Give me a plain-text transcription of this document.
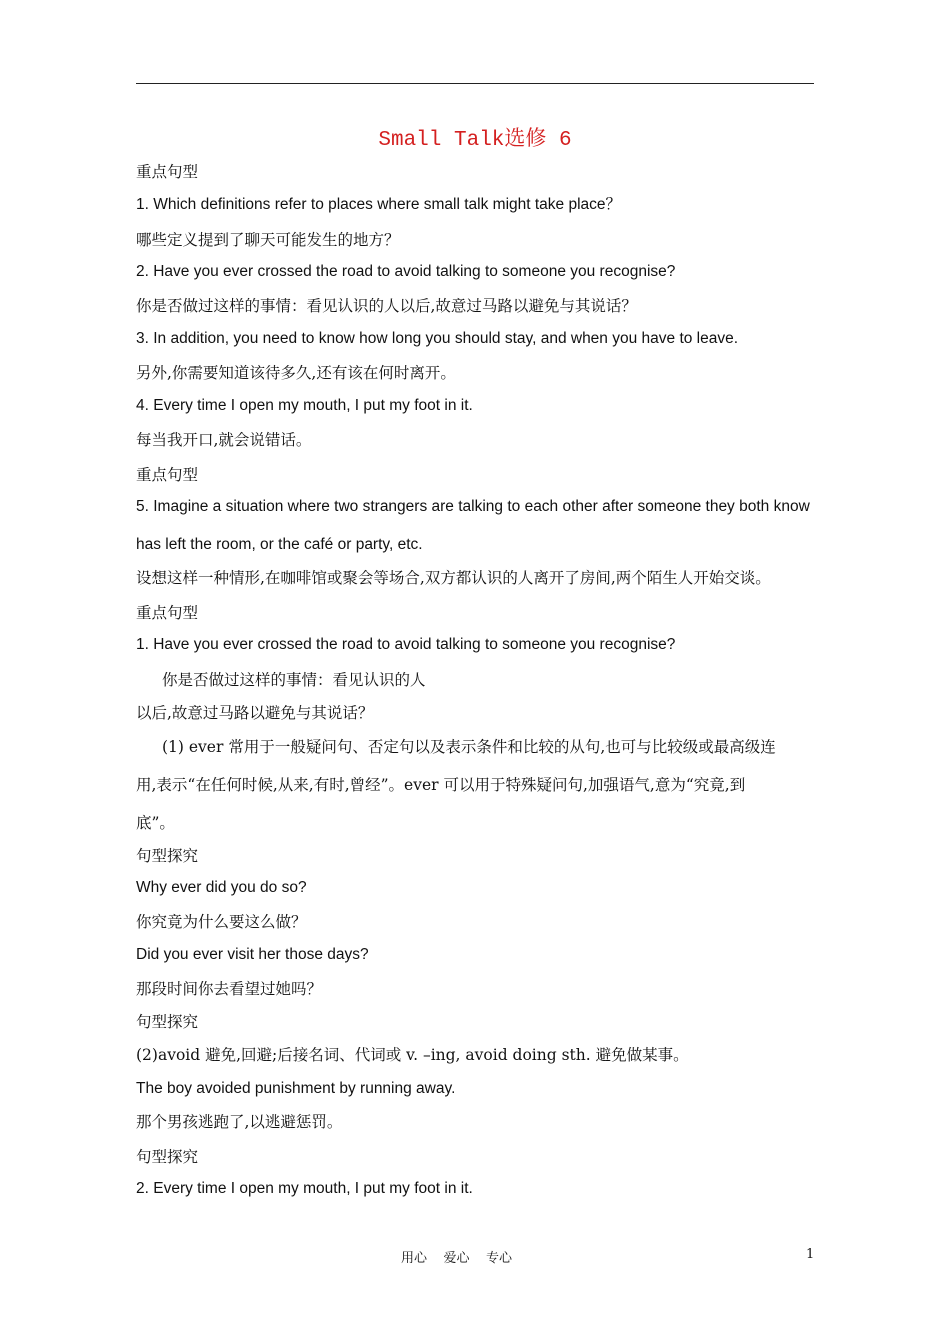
Small Talk选修 6
重点句型
1. Which definitions refer to places where small talk might take place？
哪些定义提到了聊天可能发生的地方？
2. Have you ever crossed the road to avoid talking to someone you recognise?
你是否做过这样的事情：看见认识的人以后,故意过马路以避免与其说话？
3. In addition, you need to know how long you should stay, and when you have to leave.
另外,你需要知道该待多久,还有该在何时离开。
4. Every time I open my mouth, I put my foot in it.
每当我开口,就会说错话。
重点句型
5. Imagine a situation where two strangers are talking to each other after someone they both know
has left the room, or the café or party, etc.
设想这样一种情形,在咖啡馆或聚会等场合,双方都认识的人离开了房间,两个陌生人开始交谈。
重点句型
1. Have you ever crossed the road to avoid talking to someone you recognise?
你是否做过这样的事情：看见认识的人
以后,故意过马路以避免与其说话？
(1) ever 常用于一般疑问句、否定句以及表示条件和比较的从句,也可与比较级或最高级连
用,表示“在任何时候,从来,有时,曾经”。ever 可以用于特殊疑问句,加强语气,意为“究竟,到
底”。
句型探究
Why ever did you do so?
你究竟为什么要这么做？
Did you ever visit her those days?
那段时间你去看望过她吗？
句型探究
(2)avoid 避免,回避;后接名词、代词或 v. –ing, avoid doing sth. 避免做某事。
The boy avoided punishment by running away.
那个男孩逃跑了,以逃避惩罚。
句型探究
2. Every time I open my mouth, I put my foot in it.
用心    爱心    专心	1
